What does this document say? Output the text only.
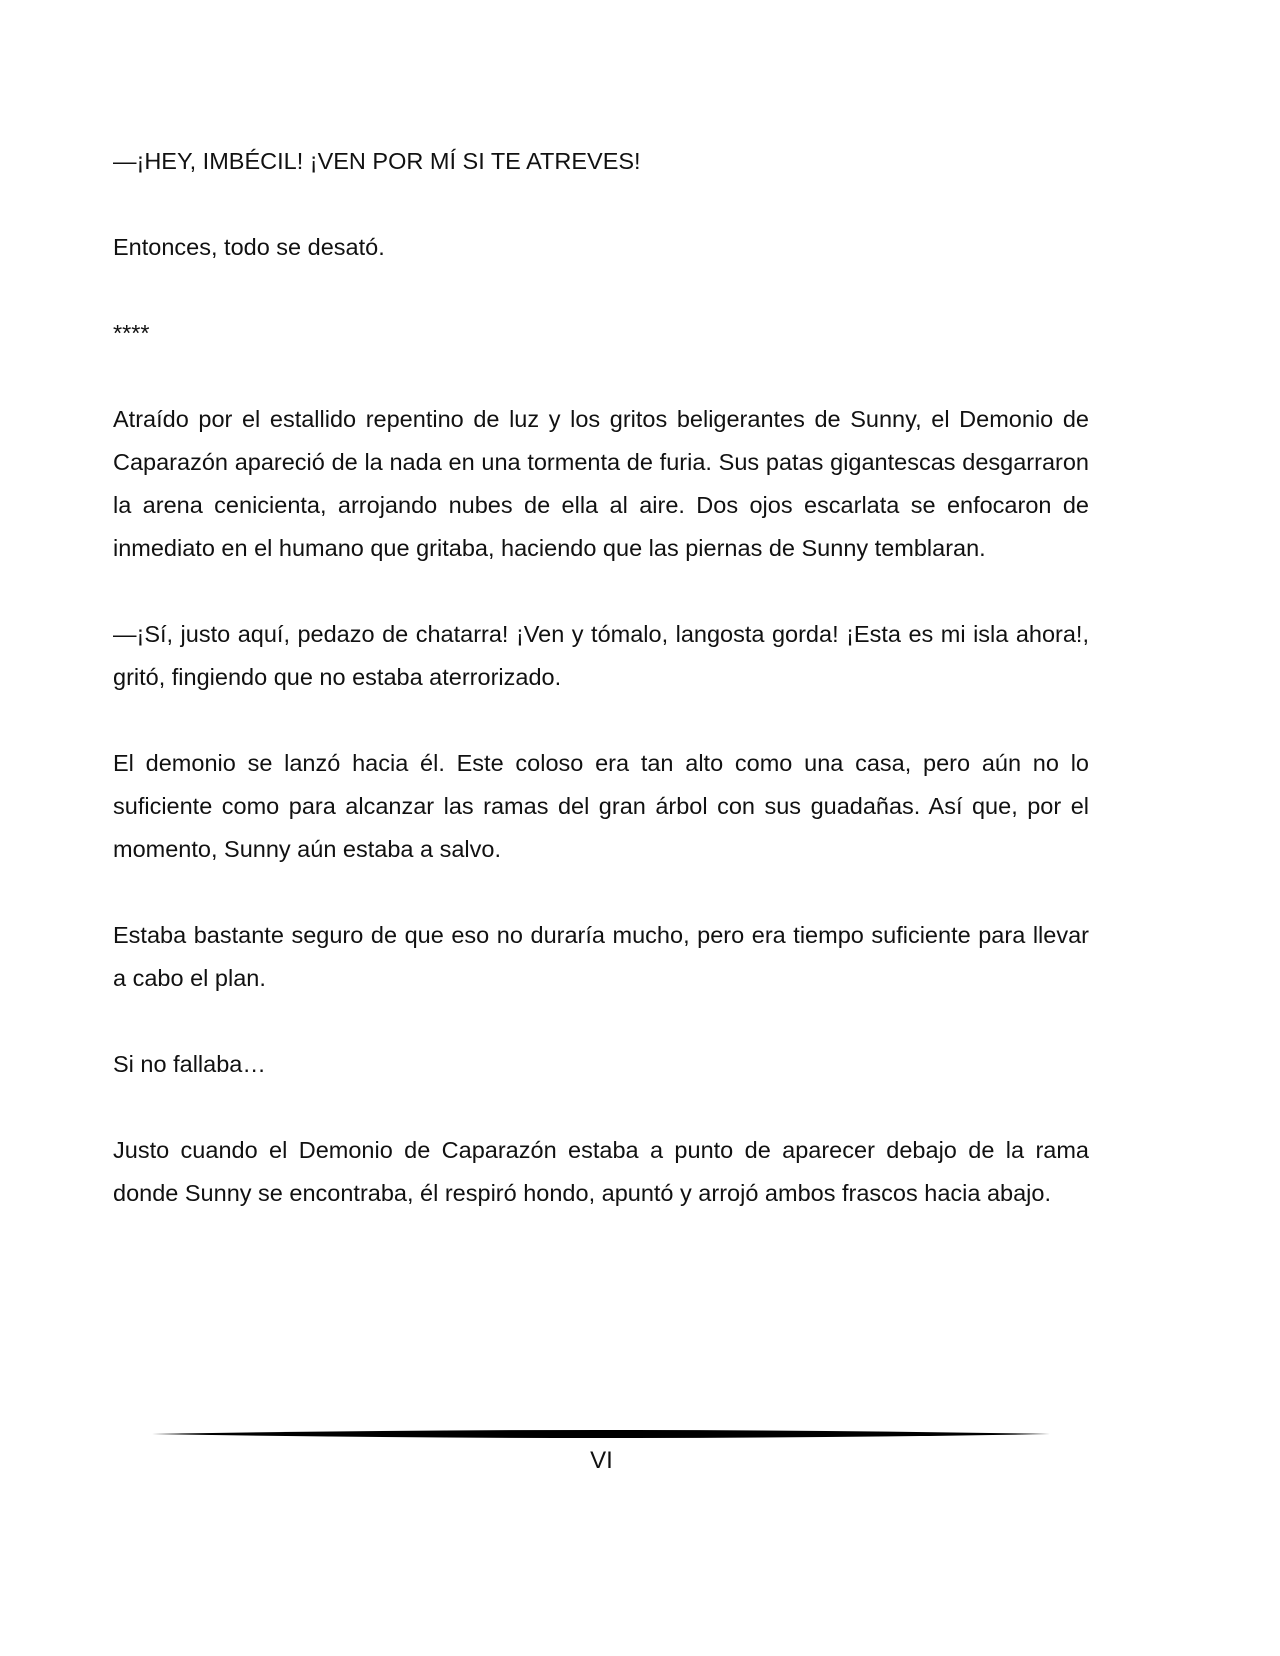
—¡HEY, IMBÉCIL! ¡VEN POR MÍ SI TE ATREVES!

Entonces, todo se desató.

****

Atraído por el estallido repentino de luz y los gritos beligerantes de Sunny, el Demonio de Caparazón apareció de la nada en una tormenta de furia. Sus patas gigantescas desgarraron la arena cenicienta, arrojando nubes de ella al aire. Dos ojos escarlata se enfocaron de inmediato en el humano que gritaba, haciendo que las piernas de Sunny temblaran.

—¡Sí, justo aquí, pedazo de chatarra! ¡Ven y tómalo, langosta gorda! ¡Esta es mi isla ahora!, gritó, fingiendo que no estaba aterrorizado.

El demonio se lanzó hacia él. Este coloso era tan alto como una casa, pero aún no lo suficiente como para alcanzar las ramas del gran árbol con sus guadañas. Así que, por el momento, Sunny aún estaba a salvo.

Estaba bastante seguro de que eso no duraría mucho, pero era tiempo suficiente para llevar a cabo el plan.

Si no fallaba…

Justo cuando el Demonio de Caparazón estaba a punto de aparecer debajo de la rama donde Sunny se encontraba, él respiró hondo, apuntó y arrojó ambos frascos hacia abajo.

VI
